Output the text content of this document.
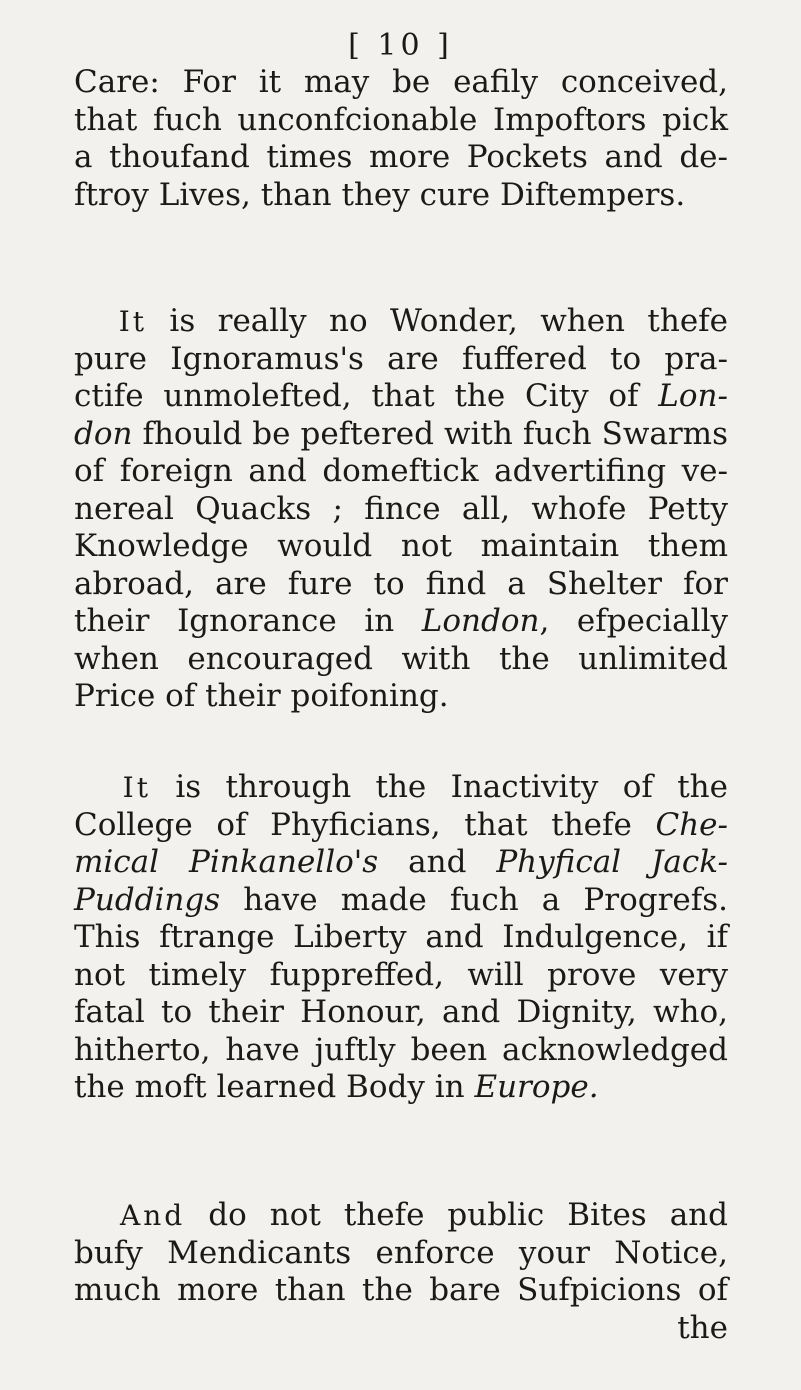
[ 10 ]
Care: For it may be eafily conceived,
that fuch unconfcionable Impoftors pick
a thoufand times more Pockets and de-
ftroy Lives, than they cure Diftempers.
It is really no Wonder, when thefe
pure Ignoramus's are fuffered to pra-
ctife unmolefted, that the City of Lon-
don fhould be peftered with fuch Swarms
of foreign and domeftick advertifing ve-
nereal Quacks ; fince all, whofe Petty
Knowledge would not maintain them
abroad, are fure to find a Shelter for
their Ignorance in London, efpecially
when encouraged with the unlimited
Price of their poifoning.
It is through the Inactivity of the
College of Phyficians, that thefe Che-
mical Pinkanello's and Phyfical Jack-
Puddings have made fuch a Progrefs.
This ftrange Liberty and Indulgence, if
not timely fuppreffed, will prove very
fatal to their Honour, and Dignity, who,
hitherto, have juftly been acknowledged
the moft learned Body in Europe.
And do not thefe public Bites and
bufy Mendicants enforce your Notice,
much more than the bare Sufpicions of
the
